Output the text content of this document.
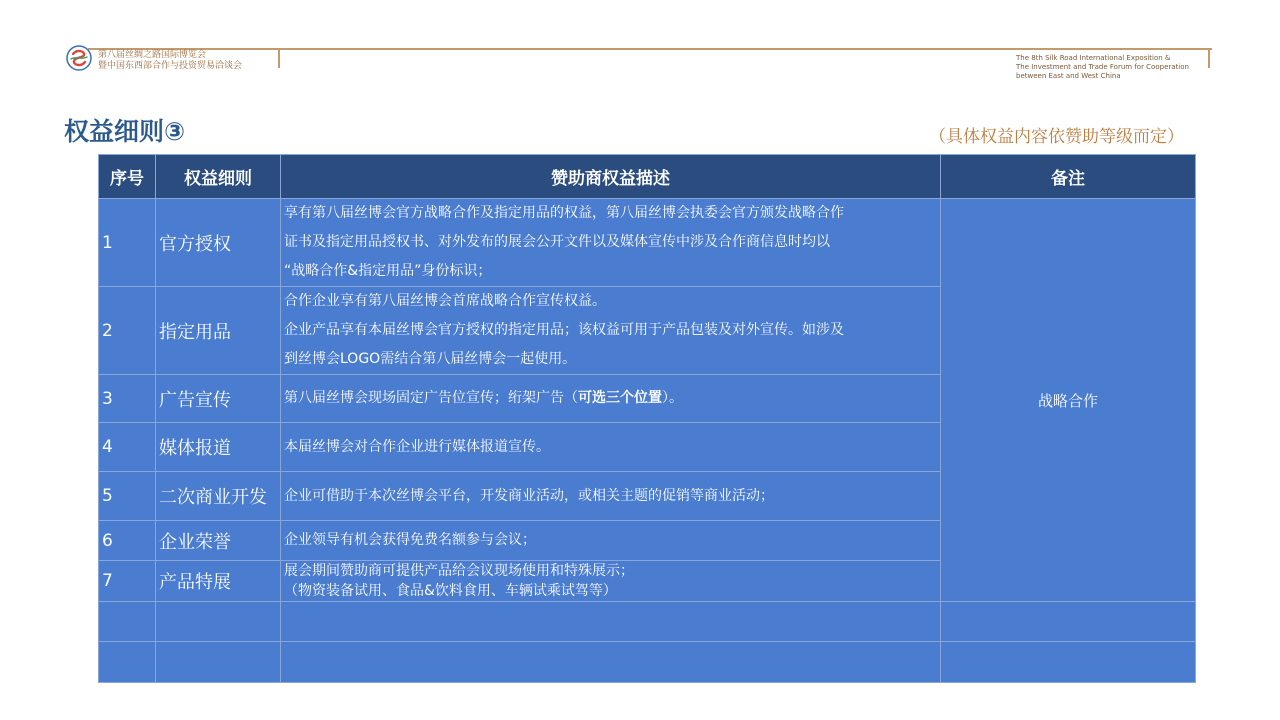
第八届丝绸之路国际博览会
暨中国东西部合作与投资贸易洽谈会
The 8th Silk Road International Exposition &
The Investment and Trade Forum for Cooperation
between East and West China
权益细则③	（具体权益内容依赞助等级而定）
序号	权益细则	赞助商权益描述	备注
1	官方授权	享有第八届丝博会官方战略合作及指定用品的权益，第八届丝博会执委会官方颁发战略合作
证书及指定用品授权书、对外发布的展会公开文件以及媒体宣传中涉及合作商信息时均以
“战略合作&指定用品”身份标识；	战略合作
2	指定用品	合作企业享有第八届丝博会首席战略合作宣传权益。
企业产品享有本届丝博会官方授权的指定用品；该权益可用于产品包装及对外宣传。如涉及
到丝博会LOGO需结合第八届丝博会一起使用。	

3	广告宣传	第八届丝博会现场固定广告位宣传；绗架广告（可选三个位置）。	
4	媒体报道	本届丝博会对合作企业进行媒体报道宣传。	
5	二次商业开发	企业可借助于本次丝博会平台，开发商业活动，或相关主题的促销等商业活动；	
6	企业荣誉	企业领导有机会获得免费名额参与会议；	
7	产品特展	展会期间赞助商可提供产品给会议现场使用和特殊展示；
（物资装备试用、食品&饮料食用、车辆试乘试驾等）	
